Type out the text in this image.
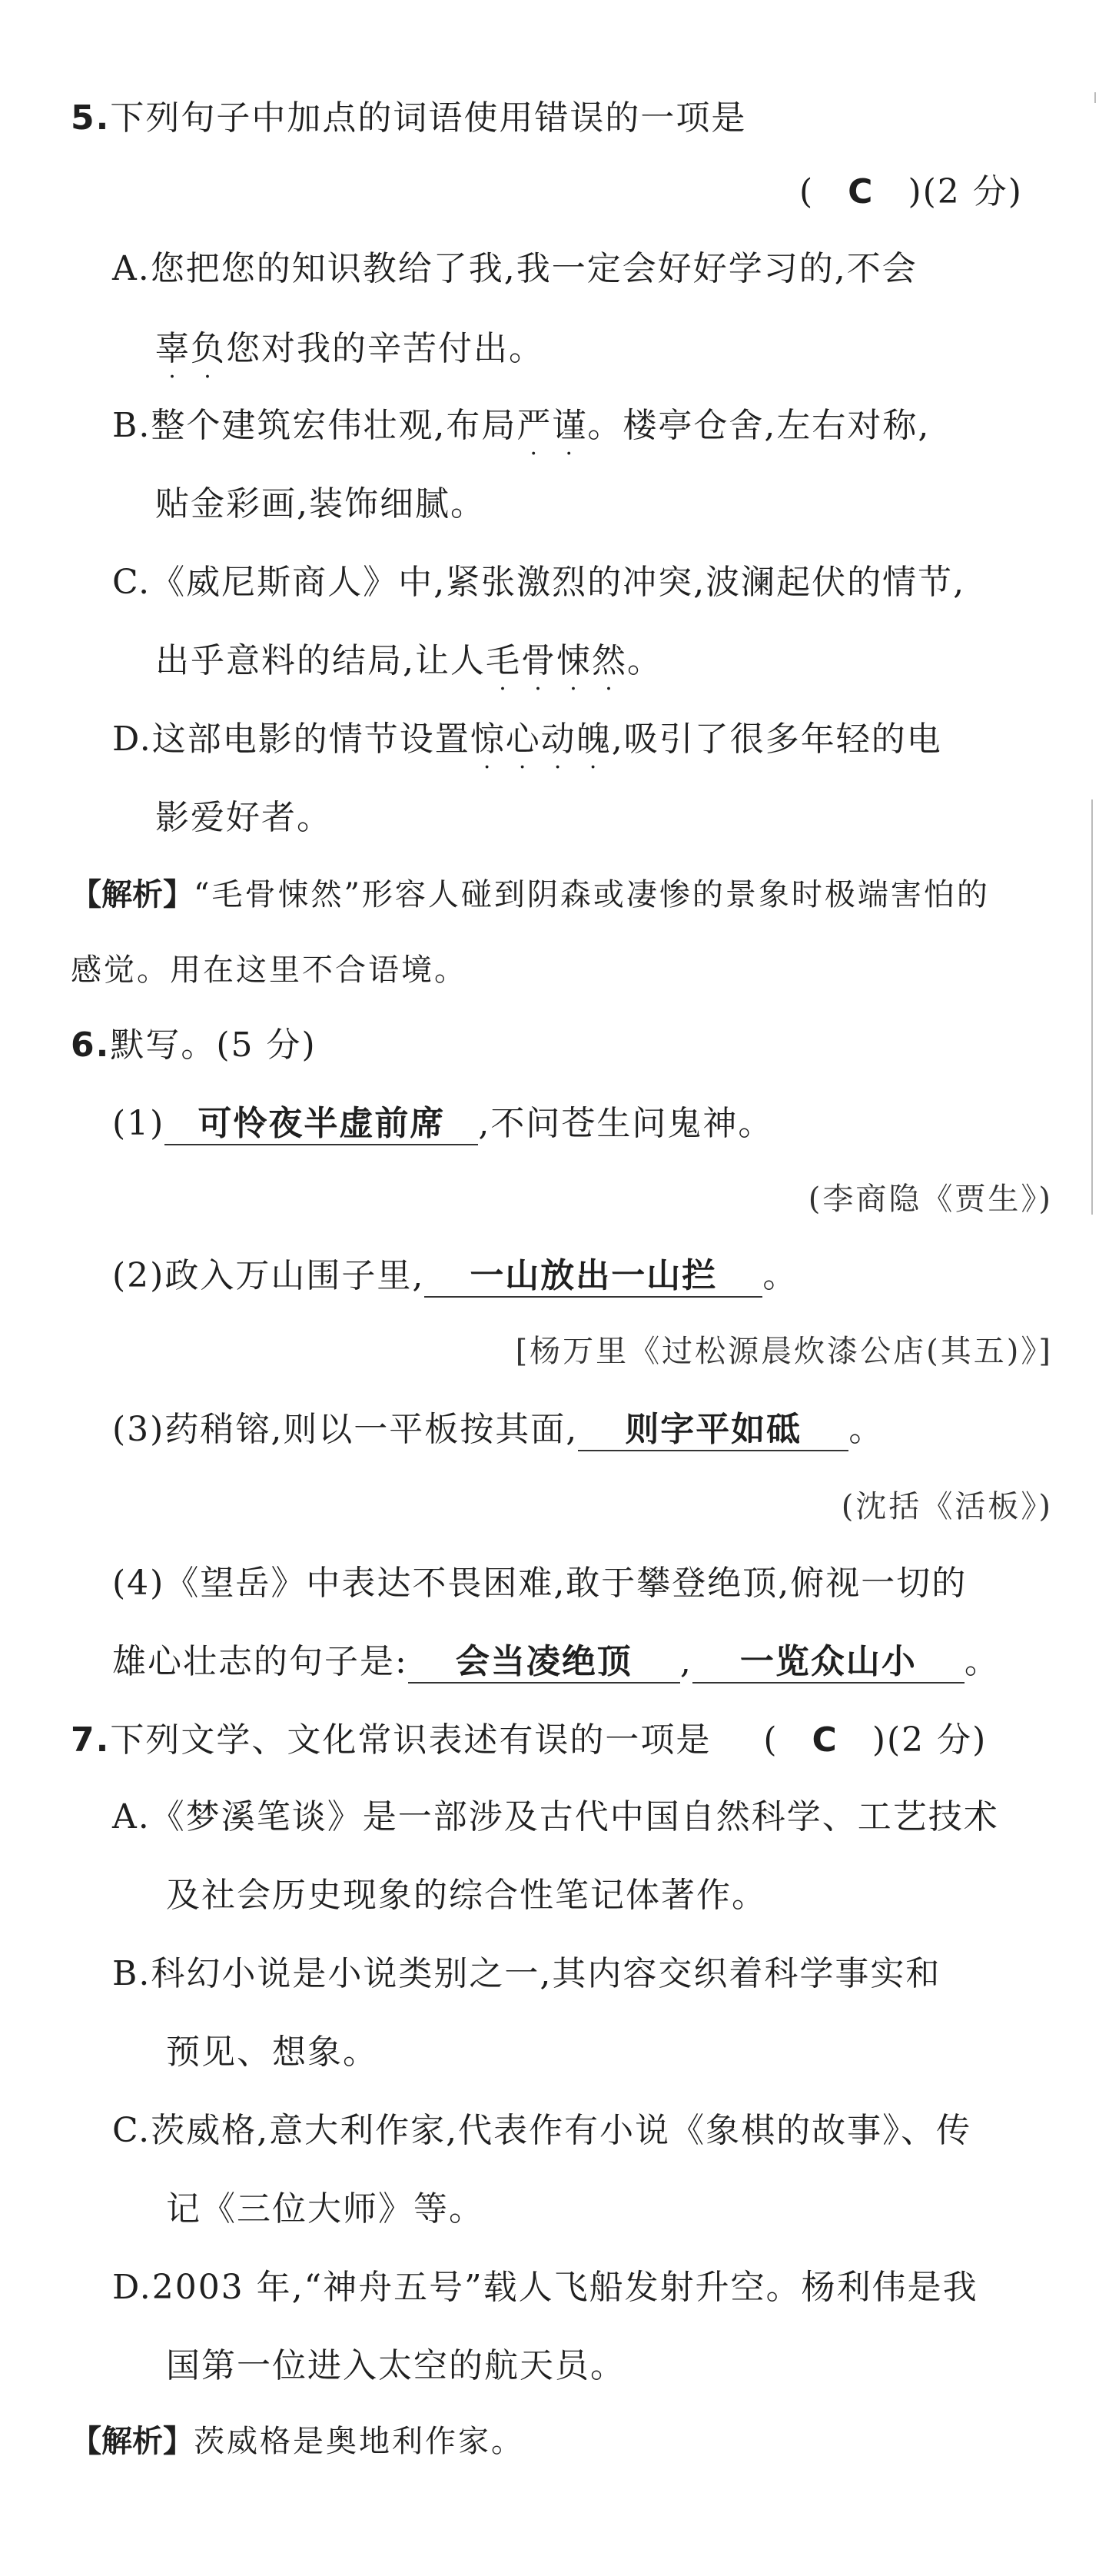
5.下列句子中加点的词语使用错误的一项是
( C )(2 分)
A.您把您的知识教给了我,我一定会好好学习的,不会
辜负
· ·
您对我的辛苦付出。
B.整个建筑宏伟壮观,布局严谨
· ·
。楼亭仓舍,左右对称,
贴金彩画,装饰细腻。
C.《威尼斯商人》中,紧张激烈的冲突,波澜起伏的情节,
出乎意料的结局,让人毛骨悚然
· · · ·
。
D.这部电影的情节设置惊心动魄
· · · ·
,吸引了很多年轻的电
影爱好者。
【解析】“毛骨悚然”形容人碰到阴森或凄惨的景象时极端害怕的
感觉。用在这里不合语境。
6.默写。(5 分)
(1) 可怜夜半虚前席 ,不问苍生问鬼神。
(李商隐《贾生》)
(2)政入万山围子里, 一山放出一山拦 。
[杨万里《过松源晨炊漆公店(其五)》]
(3)药稍镕,则以一平板按其面, 则字平如砥 。
(沈括《活板》)
(4)《望岳》中表达不畏困难,敢于攀登绝顶,俯视一切的
雄心壮志的句子是: 会当凌绝顶 , 一览众山小 。
7.下列文学、文化常识表述有误的一项是 ( C )(2 分)
A.《梦溪笔谈》是一部涉及古代中国自然科学、工艺技术
及社会历史现象的综合性笔记体著作。
B.科幻小说是小说类别之一,其内容交织着科学事实和
预见、想象。
C.茨威格,意大利作家,代表作有小说《象棋的故事》、传
记《三位大师》等。
D.2003 年,“神舟五号”载人飞船发射升空。杨利伟是我
国第一位进入太空的航天员。
【解析】茨威格是奥地利作家。
